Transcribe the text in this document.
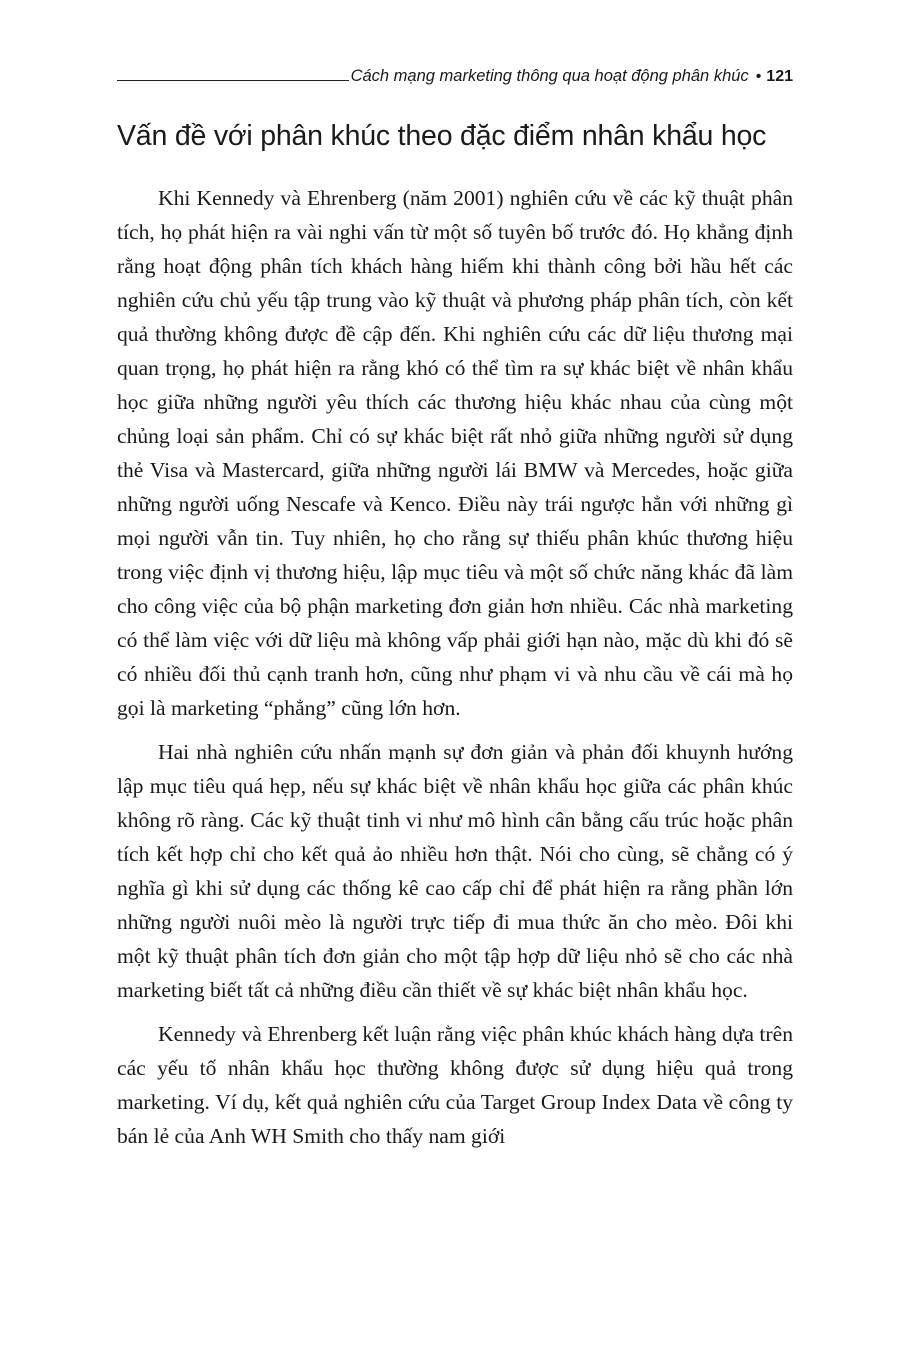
Cách mạng marketing thông qua hoạt động phân khúc • 121
Vấn đề với phân khúc theo đặc điểm nhân khẩu học

Khi Kennedy và Ehrenberg (năm 2001) nghiên cứu về các kỹ thuật phân tích, họ phát hiện ra vài nghi vấn từ một số tuyên bố trước đó. Họ khẳng định rằng hoạt động phân tích khách hàng hiếm khi thành công bởi hầu hết các nghiên cứu chủ yếu tập trung vào kỹ thuật và phương pháp phân tích, còn kết quả thường không được đề cập đến. Khi nghiên cứu các dữ liệu thương mại quan trọng, họ phát hiện ra rằng khó có thể tìm ra sự khác biệt về nhân khẩu học giữa những người yêu thích các thương hiệu khác nhau của cùng một chủng loại sản phẩm. Chỉ có sự khác biệt rất nhỏ giữa những người sử dụng thẻ Visa và Mastercard, giữa những người lái BMW và Mercedes, hoặc giữa những người uống Nescafe và Kenco. Điều này trái ngược hẳn với những gì mọi người vẫn tin. Tuy nhiên, họ cho rằng sự thiếu phân khúc thương hiệu trong việc định vị thương hiệu, lập mục tiêu và một số chức năng khác đã làm cho công việc của bộ phận marketing đơn giản hơn nhiều. Các nhà marketing có thể làm việc với dữ liệu mà không vấp phải giới hạn nào, mặc dù khi đó sẽ có nhiều đối thủ cạnh tranh hơn, cũng như phạm vi và nhu cầu về cái mà họ gọi là marketing “phẳng” cũng lớn hơn.

Hai nhà nghiên cứu nhấn mạnh sự đơn giản và phản đối khuynh hướng lập mục tiêu quá hẹp, nếu sự khác biệt về nhân khẩu học giữa các phân khúc không rõ ràng. Các kỹ thuật tinh vi như mô hình cân bằng cấu trúc hoặc phân tích kết hợp chỉ cho kết quả ảo nhiều hơn thật. Nói cho cùng, sẽ chẳng có ý nghĩa gì khi sử dụng các thống kê cao cấp chỉ để phát hiện ra rằng phần lớn những người nuôi mèo là người trực tiếp đi mua thức ăn cho mèo. Đôi khi một kỹ thuật phân tích đơn giản cho một tập hợp dữ liệu nhỏ sẽ cho các nhà marketing biết tất cả những điều cần thiết về sự khác biệt nhân khẩu học.

Kennedy và Ehrenberg kết luận rằng việc phân khúc khách hàng dựa trên các yếu tố nhân khẩu học thường không được sử dụng hiệu quả trong marketing. Ví dụ, kết quả nghiên cứu của Target Group Index Data về công ty bán lẻ của Anh WH Smith cho thấy nam giới
